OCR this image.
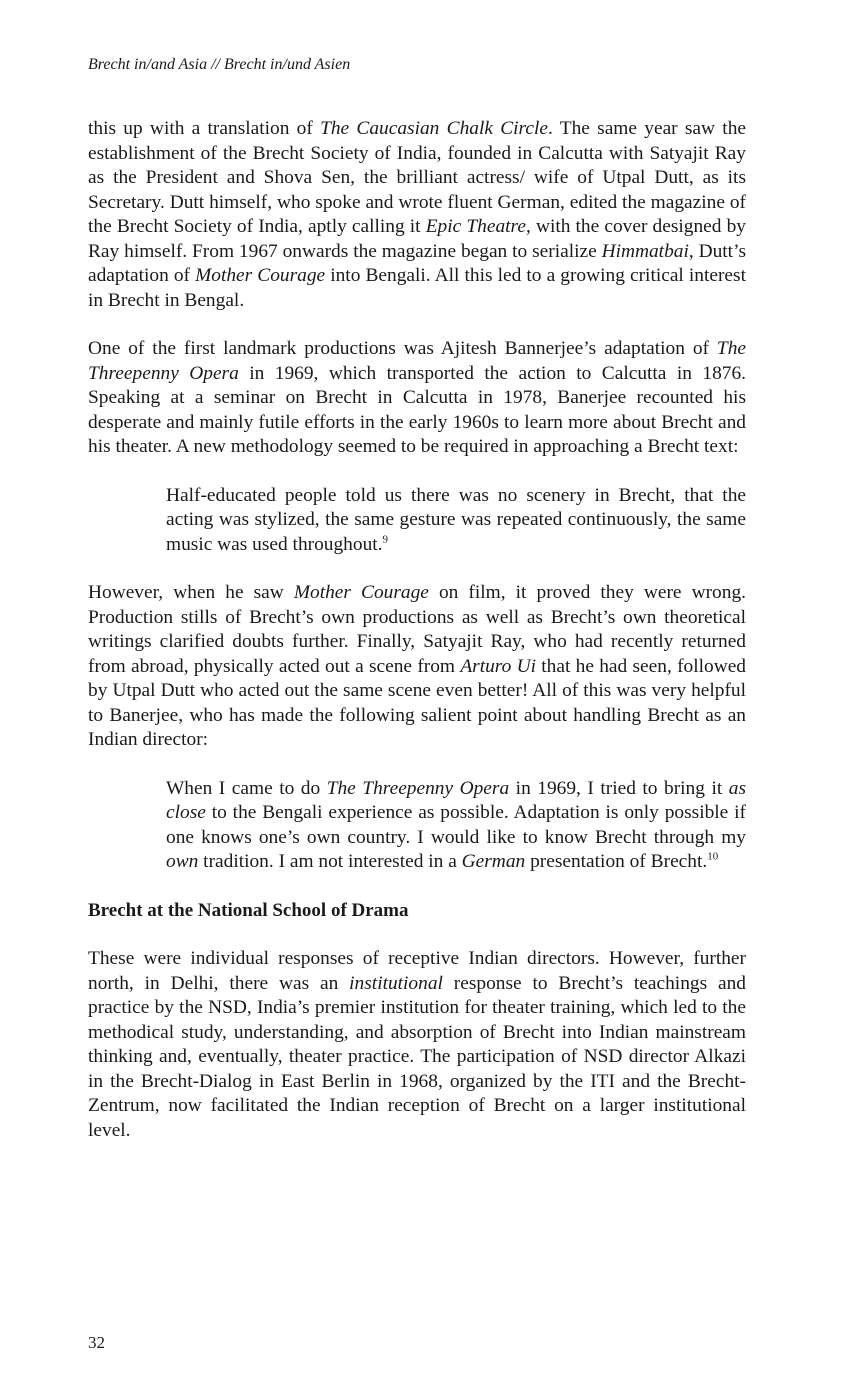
Brecht in/and Asia // Brecht in/und Asien

this up with a translation of The Caucasian Chalk Circle. The same year saw the establishment of the Brecht Society of India, founded in Calcutta with Satyajit Ray as the President and Shova Sen, the brilliant actress/ wife of Utpal Dutt, as its Secretary. Dutt himself, who spoke and wrote fluent German, edited the magazine of the Brecht Society of India, aptly calling it Epic Theatre, with the cover designed by Ray himself. From 1967 onwards the magazine began to serialize Himmatbai, Dutt’s adaptation of Mother Courage into Bengali. All this led to a growing critical interest in Brecht in Bengal.

One of the first landmark productions was Ajitesh Bannerjee’s adaptation of The Threepenny Opera in 1969, which transported the action to Calcutta in 1876. Speaking at a seminar on Brecht in Calcutta in 1978, Banerjee recounted his desperate and mainly futile efforts in the early 1960s to learn more about Brecht and his theater. A new methodology seemed to be required in approaching a Brecht text:

Half-educated people told us there was no scenery in Brecht, that the acting was stylized, the same gesture was repeated continuously, the same music was used throughout.$^9$

However, when he saw Mother Courage on film, it proved they were wrong. Production stills of Brecht’s own productions as well as Brecht’s own theoretical writings clarified doubts further. Finally, Satyajit Ray, who had recently returned from abroad, physically acted out a scene from Arturo Ui that he had seen, followed by Utpal Dutt who acted out the same scene even better! All of this was very helpful to Banerjee, who has made the following salient point about handling Brecht as an Indian director:

When I came to do The Threepenny Opera in 1969, I tried to bring it as close to the Bengali experience as possible. Adaptation is only possible if one knows one’s own country. I would like to know Brecht through my own tradition. I am not interested in a German presentation of Brecht.$^{10}$
Brecht at the National School of Drama

These were individual responses of receptive Indian directors. However, further north, in Delhi, there was an institutional response to Brecht’s teachings and practice by the NSD, India’s premier institution for theater training, which led to the methodical study, understanding, and absorption of Brecht into Indian mainstream thinking and, eventually, theater practice. The participation of NSD director Alkazi in the Brecht-Dialog in East Berlin in 1968, organized by the ITI and the Brecht-Zentrum, now facilitated the Indian reception of Brecht on a larger institutional level.

32
